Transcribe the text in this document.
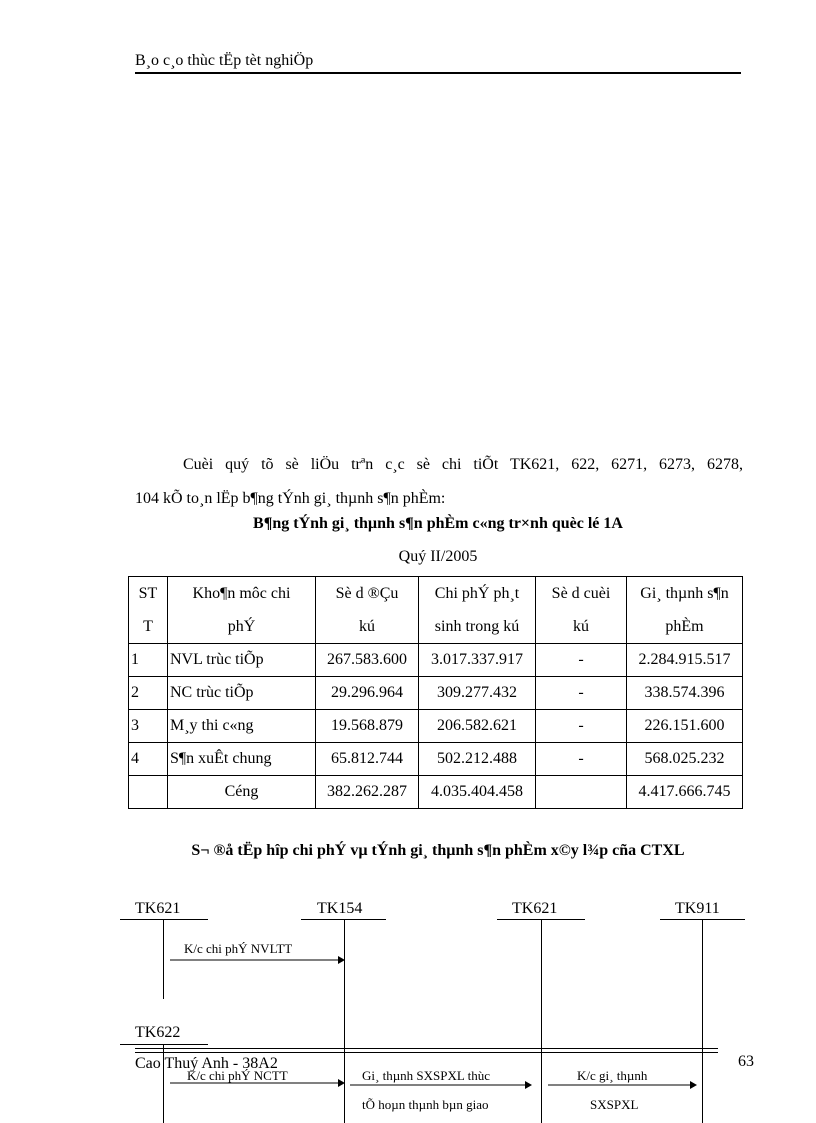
B¸o c¸o thùc tËp tèt nghiÖp
Cuèi quý tõ sè liÖu trªn c¸c sè chi tiÕt TK621, 622, 6271, 6273, 6278,
104 kÕ to¸n lËp b¶ng tÝnh gi¸ thµnh s¶n phÈm:
B¶ng tÝnh gi¸ thµnh s¶n phÈm c«ng tr×nh quèc lé 1A
Quý II/2005
ST	Kho¶n môc chi	Sè d ®Çu	Chi phÝ ph¸t	Sè d cuèi	Gi¸ thµnh s¶n
T	phÝ	kú	sinh trong kú	kú	phÈm
1	NVL trùc tiÕp	267.583.600	3.017.337.917	-	2.284.915.517
2	NC trùc tiÕp	29.296.964	309.277.432	-	338.574.396
3	M¸y thi c«ng	19.568.879	206.582.621	-	226.151.600
4	S¶n xuÊt chung	65.812.744	502.212.488	-	568.025.232
	Céng	382.262.287	4.035.404.458		4.417.666.745
S¬ ®å tËp hîp chi phÝ vµ tÝnh gi¸ thµnh s¶n phÈm x©y l¾p cña CTXL
TK621	TK154	TK621	TK911
TK622
K/c chi phÝ NVLTT
K/c chi phÝ NCTT	Gi¸ thµnh SXSPXL thùc
tÕ hoµn thµnh bµn giao
K/c gi¸ thµnh
SXSPXL
Cao Thuý Anh - 38A2	63
